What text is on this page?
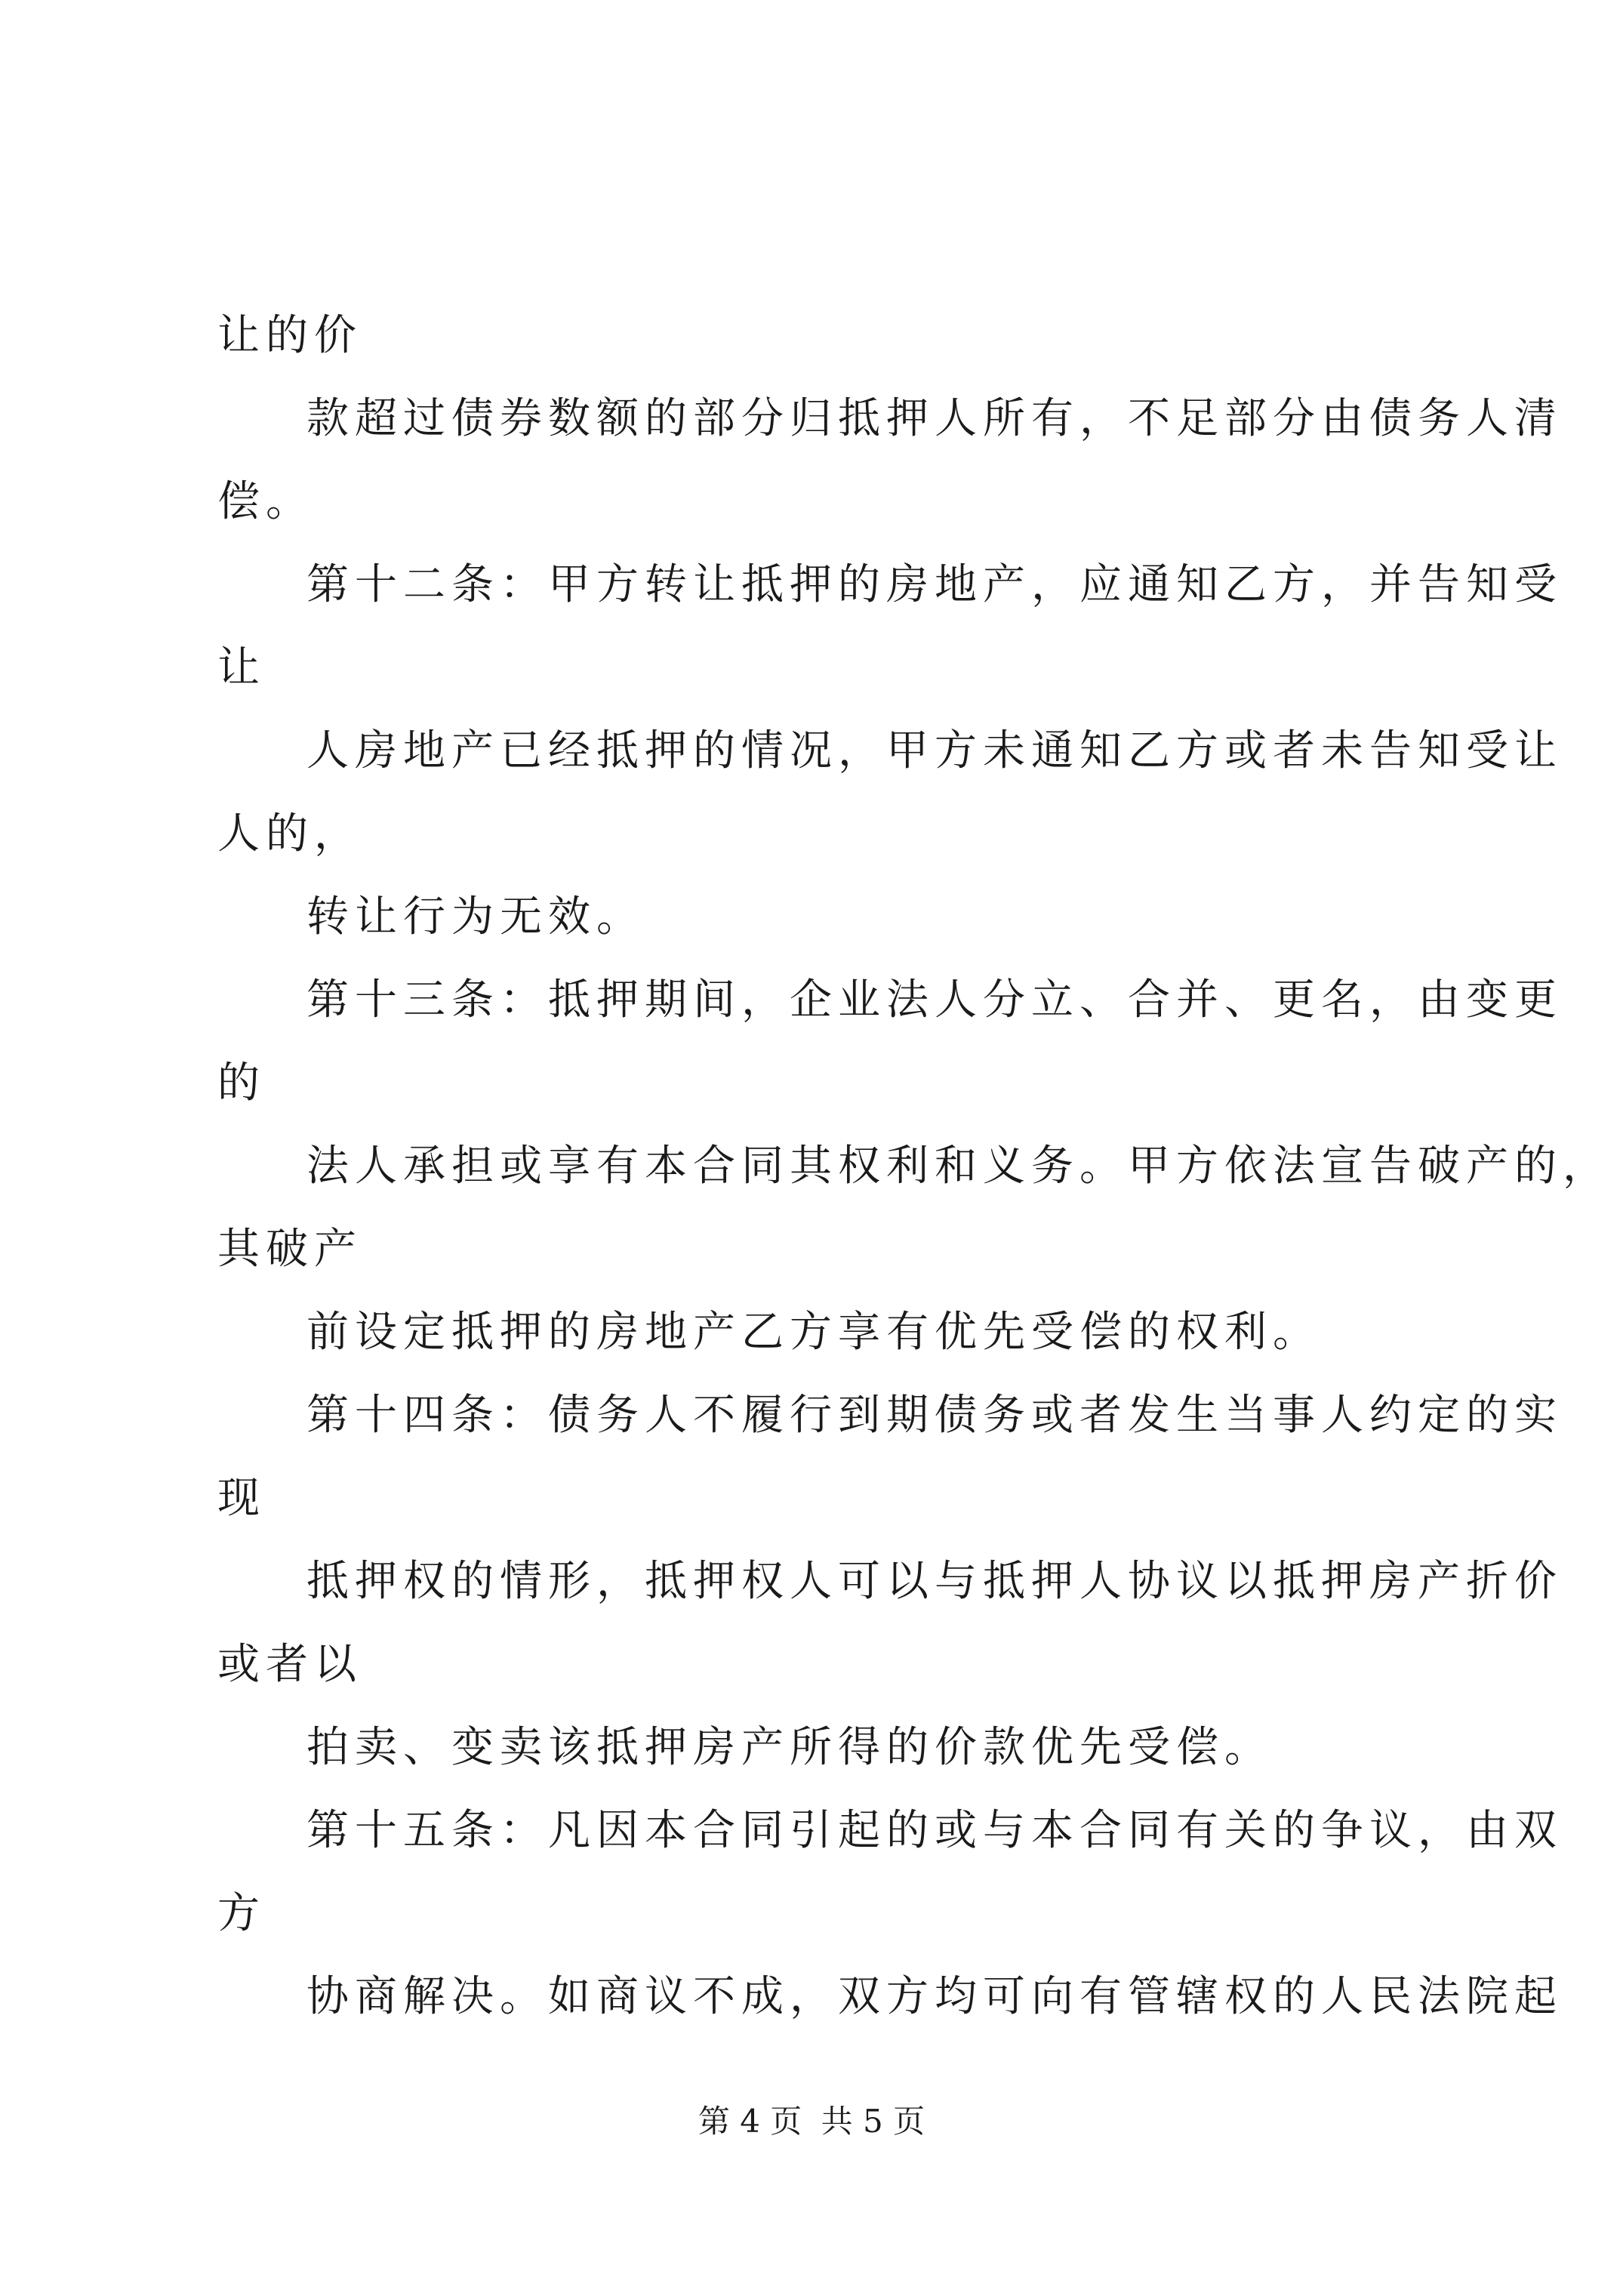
让的价
款超过债券数额的部分归抵押人所有，不足部分由债务人清
偿。
第十二条：甲方转让抵押的房地产，应通知乙方，并告知受
让
人房地产已经抵押的情况，甲方未通知乙方或者未告知受让
人的，
转让行为无效。
第十三条：抵押期间，企业法人分立、合并、更名，由变更
的
法人承担或享有本合同其权利和义务。甲方依法宣告破产的，
其破产
前设定抵押的房地产乙方享有优先受偿的权利。
第十四条：债务人不履行到期债务或者发生当事人约定的实
现
抵押权的情形，抵押权人可以与抵押人协议以抵押房产折价
或者以
拍卖、变卖该抵押房产所得的价款优先受偿。
第十五条：凡因本合同引起的或与本合同有关的争议，由双
方
协商解决。如商议不成，双方均可向有管辖权的人民法院起
第 4 页 共 5 页
